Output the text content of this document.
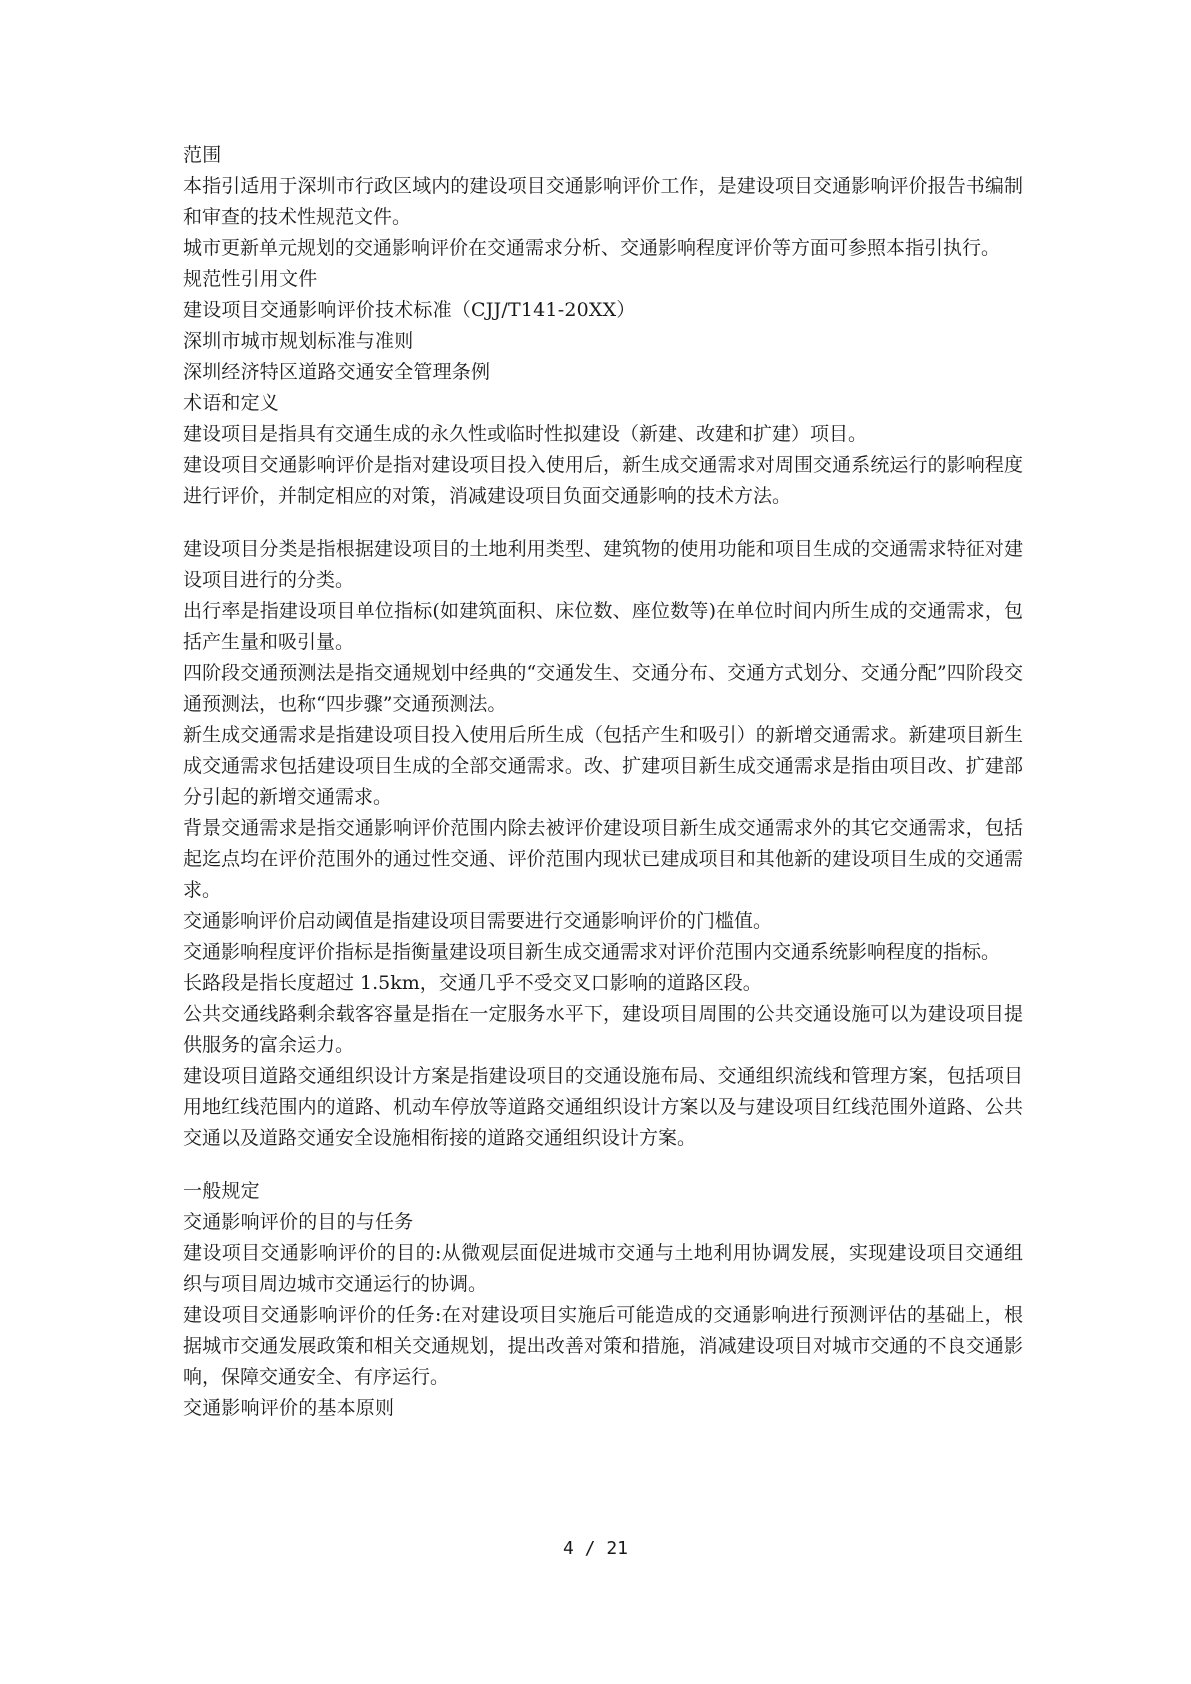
范围

本指引适用于深圳市行政区域内的建设项目交通影响评价工作，是建设项目交通影响评价报告书编制和审查的技术性规范文件。

城市更新单元规划的交通影响评价在交通需求分析、交通影响程度评价等方面可参照本指引执行。

规范性引用文件
建设项目交通影响评价技术标准（CJJ/T141-20XX）
深圳市城市规划标准与准则
深圳经济特区道路交通安全管理条例
术语和定义

建设项目是指具有交通生成的永久性或临时性拟建设（新建、改建和扩建）项目。

建设项目交通影响评价是指对建设项目投入使用后，新生成交通需求对周围交通系统运行的影响程度进行评价，并制定相应的对策，消减建设项目负面交通影响的技术方法。

建设项目分类是指根据建设项目的土地利用类型、建筑物的使用功能和项目生成的交通需求特征对建设项目进行的分类。

出行率是指建设项目单位指标(如建筑面积、床位数、座位数等)在单位时间内所生成的交通需求，包括产生量和吸引量。

四阶段交通预测法是指交通规划中经典的“交通发生、交通分布、交通方式划分、交通分配”四阶段交通预测法，也称“四步骤”交通预测法。

新生成交通需求是指建设项目投入使用后所生成（包括产生和吸引）的新增交通需求。新建项目新生成交通需求包括建设项目生成的全部交通需求。改、扩建项目新生成交通需求是指由项目改、扩建部分引起的新增交通需求。

背景交通需求是指交通影响评价范围内除去被评价建设项目新生成交通需求外的其它交通需求，包括起迄点均在评价范围外的通过性交通、评价范围内现状已建成项目和其他新的建设项目生成的交通需求。

交通影响评价启动阈值是指建设项目需要进行交通影响评价的门槛值。

交通影响程度评价指标是指衡量建设项目新生成交通需求对评价范围内交通系统影响程度的指标。

长路段是指长度超过 1.5km，交通几乎不受交叉口影响的道路区段。

公共交通线路剩余载客容量是指在一定服务水平下，建设项目周围的公共交通设施可以为建设项目提供服务的富余运力。

建设项目道路交通组织设计方案是指建设项目的交通设施布局、交通组织流线和管理方案，包括项目用地红线范围内的道路、机动车停放等道路交通组织设计方案以及与建设项目红线范围外道路、公共交通以及道路交通安全设施相衔接的道路交通组织设计方案。

一般规定
交通影响评价的目的与任务

建设项目交通影响评价的目的:从微观层面促进城市交通与土地利用协调发展，实现建设项目交通组织与项目周边城市交通运行的协调。

建设项目交通影响评价的任务:在对建设项目实施后可能造成的交通影响进行预测评估的基础上，根据城市交通发展政策和相关交通规划，提出改善对策和措施，消减建设项目对城市交通的不良交通影响，保障交通安全、有序运行。

交通影响评价的基本原则
4 / 21
